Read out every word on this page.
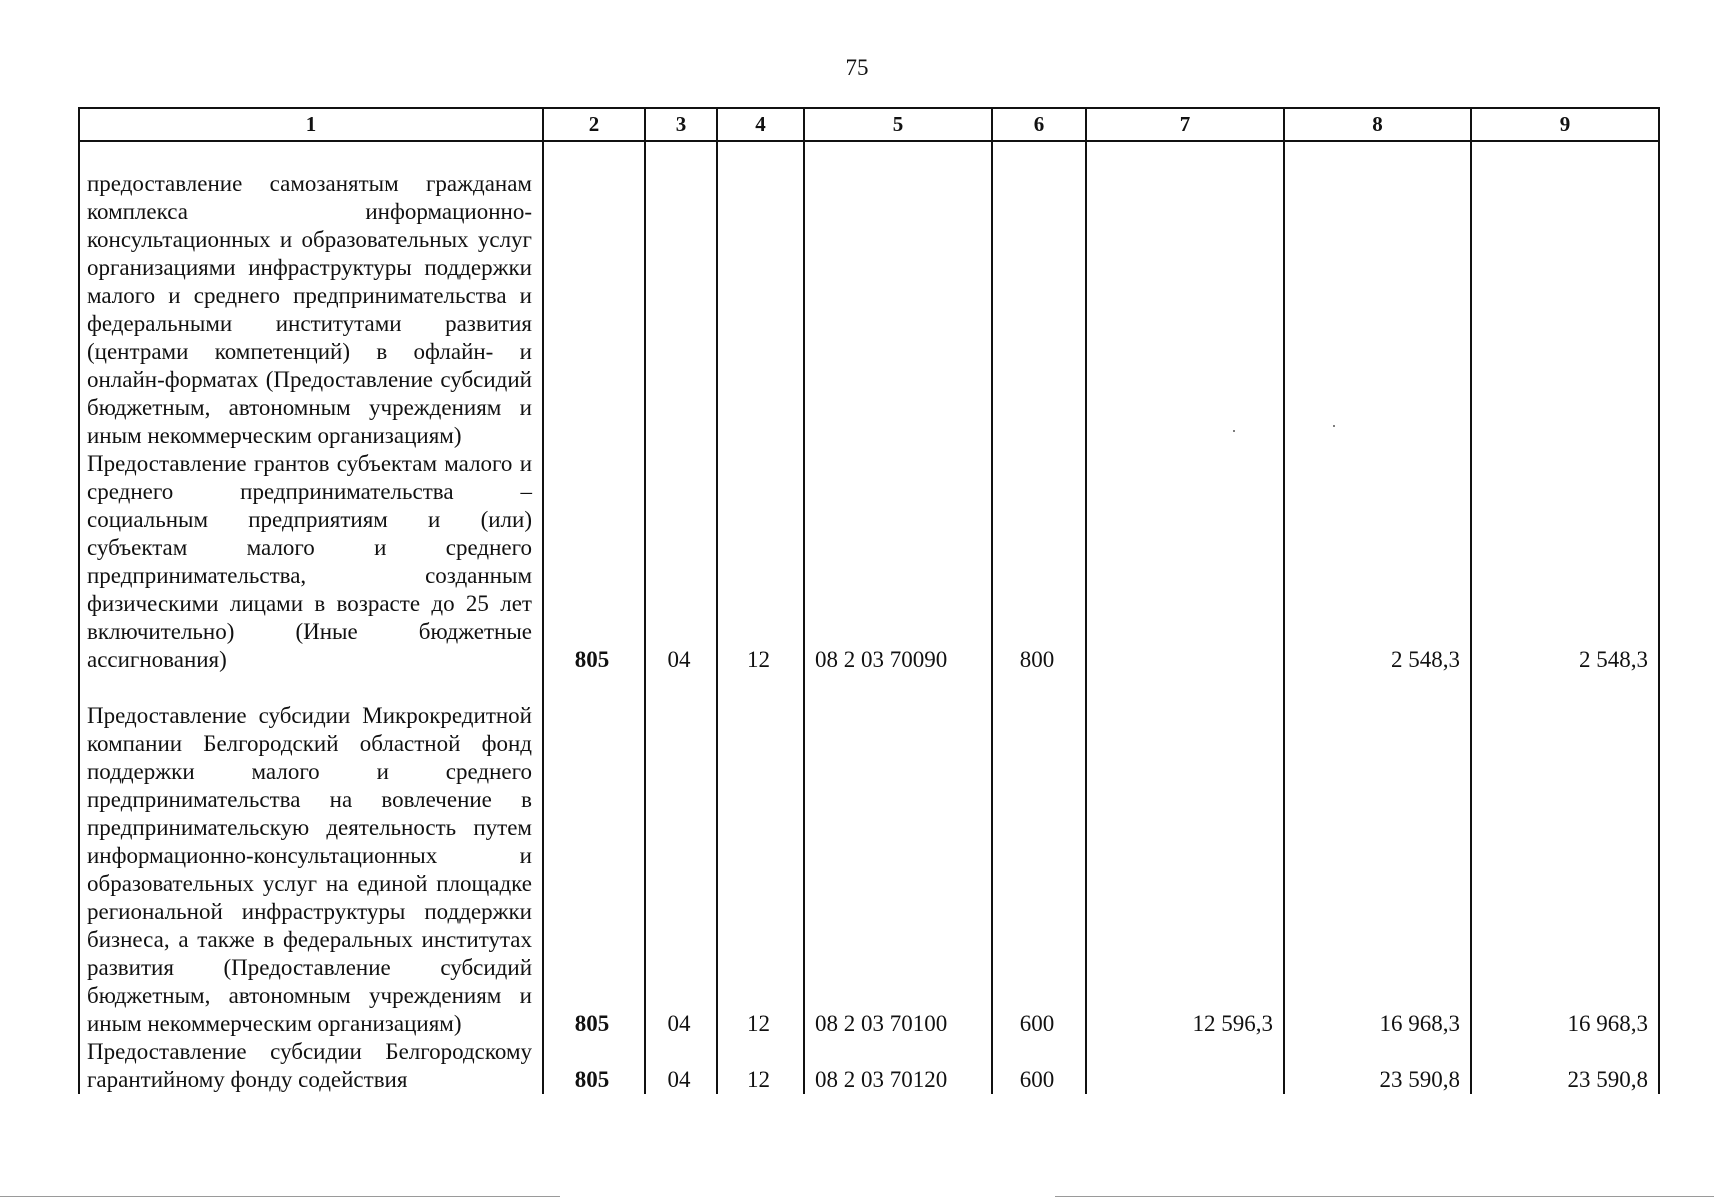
75
1	2	3	4	5	6	7	8	9
предоставление самозанятым гражданам комплекса информационно-консультационных и образовательных услуг организациями инфраструктуры поддержки малого и среднего предпринимательства и федеральными институтами развития (центрами компетенций) в офлайн- и онлайн-форматах (Предоставление субсидий бюджетным, автономным учреждениям и иным некоммерческим организациям)								
Предоставление грантов субъектам малого и среднего предпринимательства – социальным предприятиям и (или) субъектам малого и среднего предпринимательства, созданным физическими лицами в возрасте до 25 лет включительно) (Иные бюджетные ассигнования)	805	04	12	08 2 03 70090	800		2 548,3	2 548,3
Предоставление субсидии Микрокредитной компании Белгородский областной фонд поддержки малого и среднего предпринимательства на вовлечение в предпринимательскую деятельность путем информационно-консультационных и образовательных услуг на единой площадке региональной инфраструктуры поддержки бизнеса, а также в федеральных институтах развития (Предоставление субсидий бюджетным, автономным учреждениям и иным некоммерческим организациям)	805	04	12	08 2 03 70100	600	12 596,3	16 968,3	16 968,3
Предоставление субсидии Белгородскому гарантийному фонду содействия	805	04	12	08 2 03 70120	600		23 590,8	23 590,8
